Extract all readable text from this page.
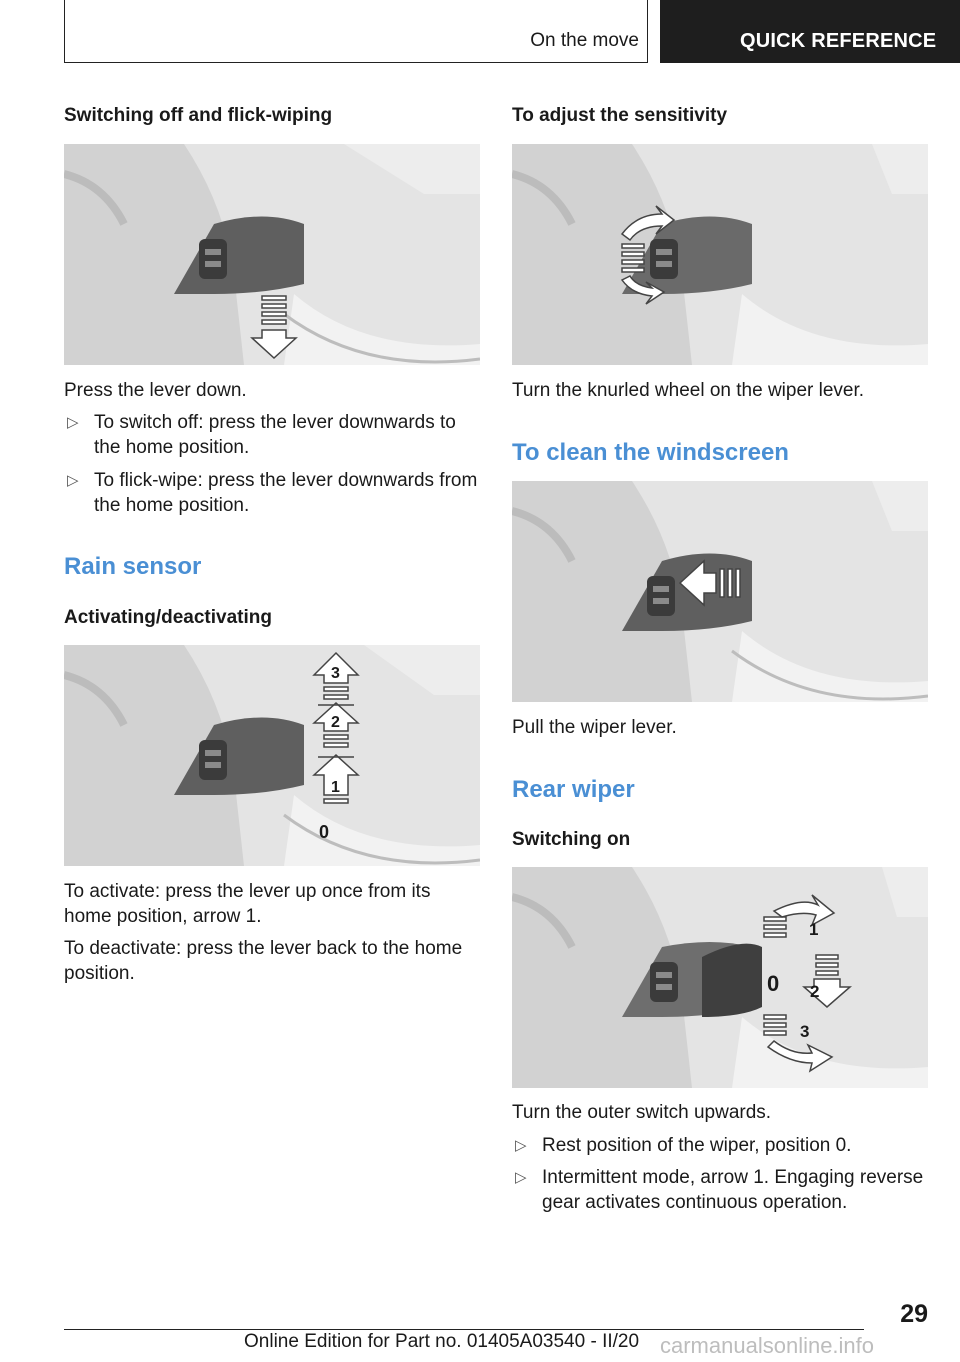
On the move	QUICK REFERENCE
Switching off and flick-wiping
Press the lever down.
▷ To switch off: press the lever downwards to the home position.
▷ To flick-wipe: press the lever downwards from the home position.
Rain sensor
Activating/deactivating
3
2
1
0
To activate: press the lever up once from its home position, arrow 1.
To deactivate: press the lever back to the home position.
To adjust the sensitivity
Turn the knurled wheel on the wiper lever.
To clean the windscreen
Pull the wiper lever.
Rear wiper
Switching on
1
0 2
3
Turn the outer switch upwards.
▷ Rest position of the wiper, position 0.
▷ Intermittent mode, arrow 1. Engaging reverse gear activates continuous operation.
29
Online Edition for Part no. 01405A03540 - II/20 carmanualsonline.info
